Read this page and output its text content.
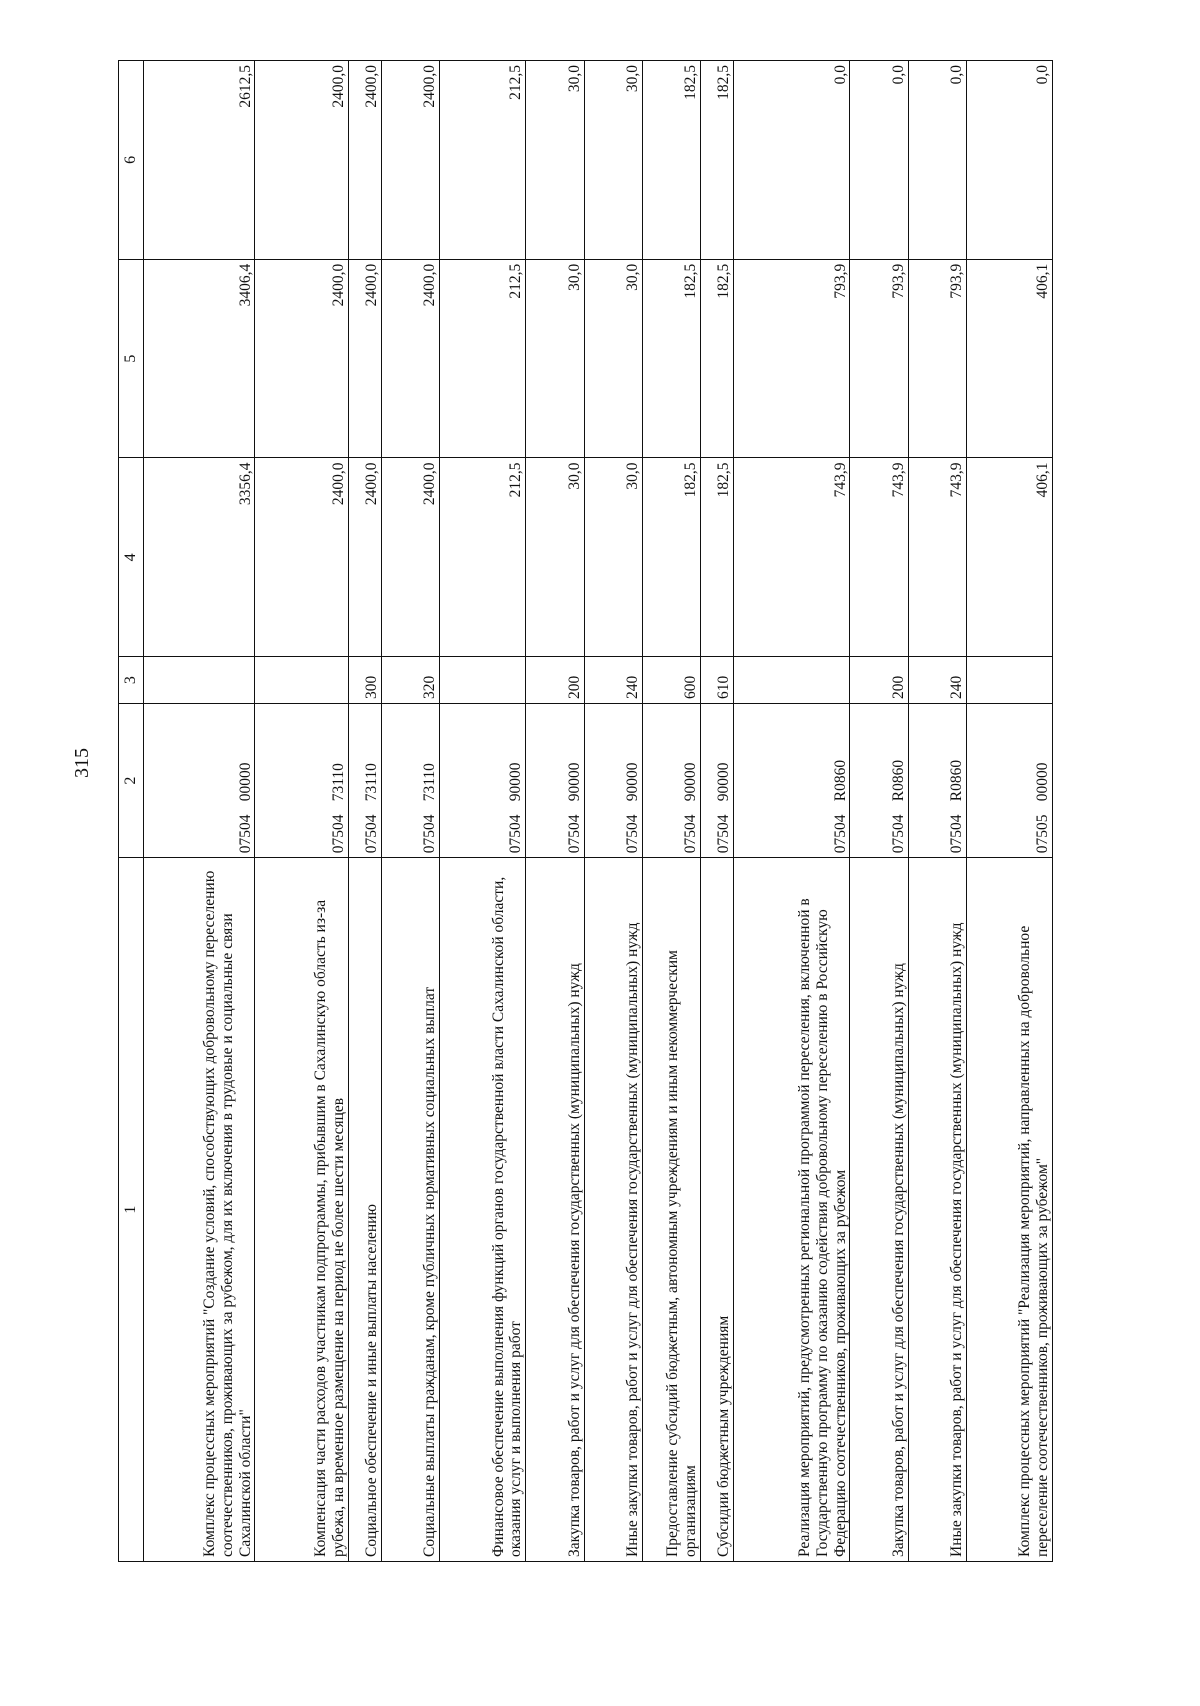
315
1	2	3	4	5	6
Комплекс процессных мероприятий "Создание условий, способствующих добровольному переселению соотечественников, проживающих за рубежом, для их включения в трудовые и социальные связи Сахалинской области"	0750400000		3356,4	3406,4	2612,5
Компенсация части расходов участникам подпрограммы, прибывшим в Сахалинскую область из-за рубежа, на временное размещение на период не более шести месяцев	0750473110		2400,0	2400,0	2400,0
Социальное обеспечение и иные выплаты населению	0750473110	300	2400,0	2400,0	2400,0
Социальные выплаты гражданам, кроме публичных нормативных социальных выплат	0750473110	320	2400,0	2400,0	2400,0
Финансовое обеспечение выполнения функций органов государственной власти Сахалинской области, оказания услуг и выполнения работ	0750490000		212,5	212,5	212,5
Закупка товаров, работ и услуг для обеспечения государственных (муниципальных) нужд	0750490000	200	30,0	30,0	30,0
Иные закупки товаров, работ и услуг для обеспечения государственных (муниципальных) нужд	0750490000	240	30,0	30,0	30,0
Предоставление субсидий бюджетным, автономным учреждениям и иным некоммерческим организациям	0750490000	600	182,5	182,5	182,5
Субсидии бюджетным учреждениям	0750490000	610	182,5	182,5	182,5
Реализация мероприятий, предусмотренных региональной программой переселения, включенной в Государственную программу по оказанию содействия добровольному переселению в Российскую Федерацию соотечественников, проживающих за рубежом	07504R0860		743,9	793,9	0,0
Закупка товаров, работ и услуг для обеспечения государственных (муниципальных) нужд	07504R0860	200	743,9	793,9	0,0
Иные закупки товаров, работ и услуг для обеспечения государственных (муниципальных) нужд	07504R0860	240	743,9	793,9	0,0
Комплекс процессных мероприятий "Реализация мероприятий, направленных на добровольное переселение соотечественников, проживающих за рубежом"	0750500000		406,1	406,1	0,0
